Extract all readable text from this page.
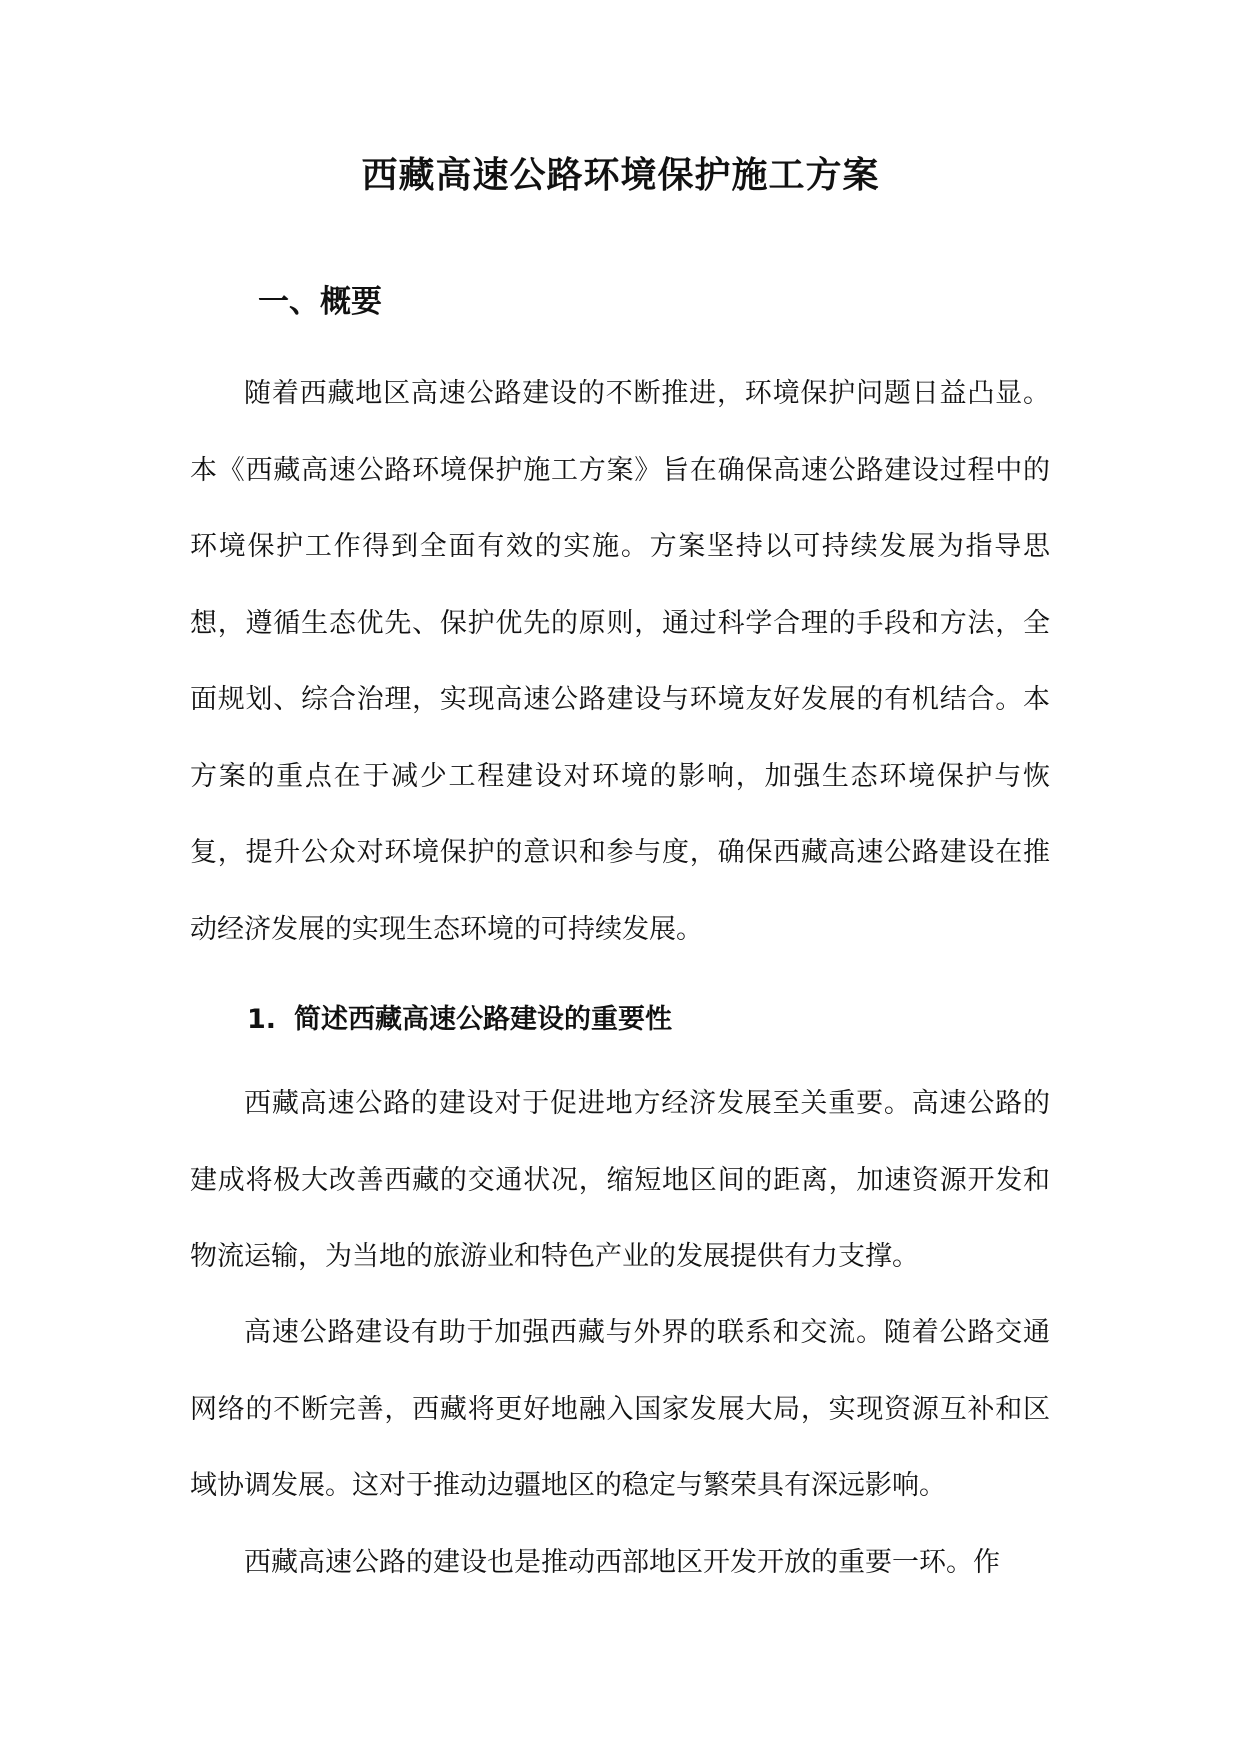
西藏高速公路环境保护施工方案
一、概要

随着西藏地区高速公路建设的不断推进，环境保护问题日益凸显。本《西藏高速公路环境保护施工方案》旨在确保高速公路建设过程中的环境保护工作得到全面有效的实施。方案坚持以可持续发展为指导思想，遵循生态优先、保护优先的原则，通过科学合理的手段和方法，全面规划、综合治理，实现高速公路建设与环境友好发展的有机结合。本方案的重点在于减少工程建设对环境的影响，加强生态环境保护与恢复，提升公众对环境保护的意识和参与度，确保西藏高速公路建设在推动经济发展的实现生态环境的可持续发展。

1. 简述西藏高速公路建设的重要性

西藏高速公路的建设对于促进地方经济发展至关重要。高速公路的建成将极大改善西藏的交通状况，缩短地区间的距离，加速资源开发和物流运输，为当地的旅游业和特色产业的发展提供有力支撑。

高速公路建设有助于加强西藏与外界的联系和交流。随着公路交通网络的不断完善，西藏将更好地融入国家发展大局，实现资源互补和区域协调发展。这对于推动边疆地区的稳定与繁荣具有深远影响。

西藏高速公路的建设也是推动西部地区开发开放的重要一环。作
